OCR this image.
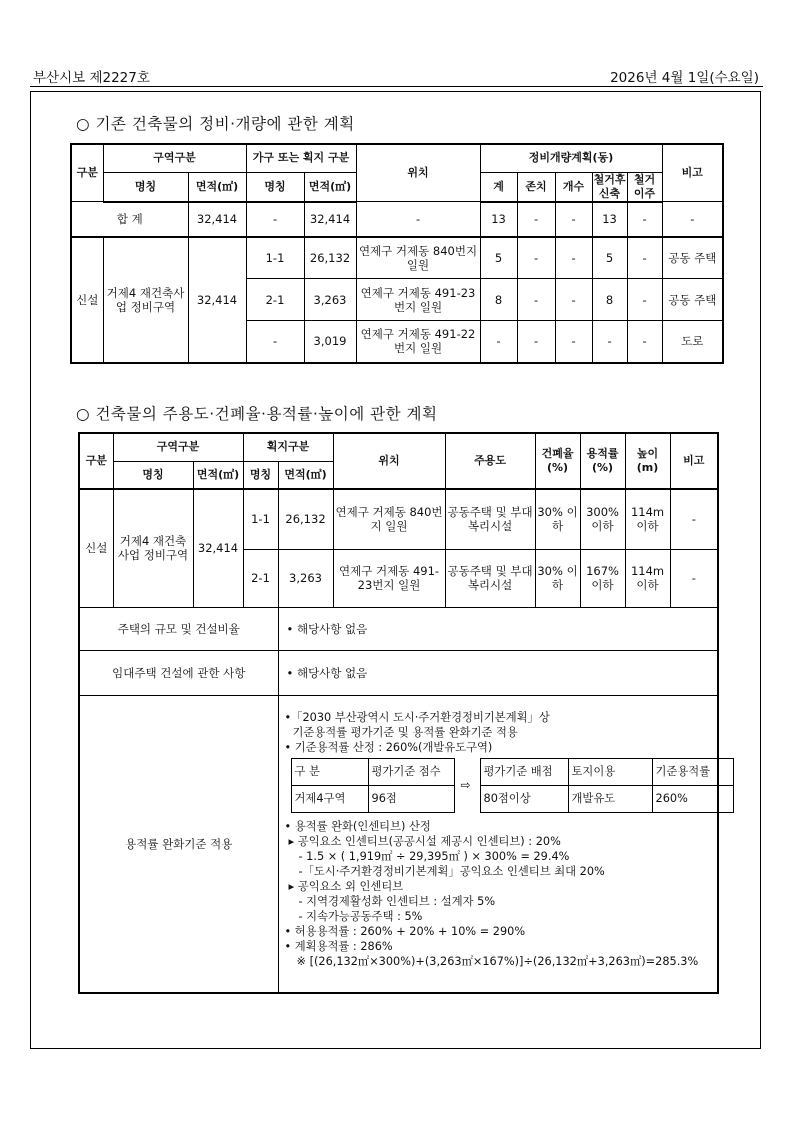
부산시보 제2227호	2026년 4월 1일(수요일)
○ 기존 건축물의 정비·개량에 관한 계획
구분	구역구분		가구 또는 획지 구분		위치	정비개량계획(동)					비고
	명칭	면적(㎡)	명칭	면적(㎡)		계	존치	개수	철거후 신축	철거 이주	
합 계		32,414	-	32,414	-	13	-	-	13	-	-
신설	거제4 재건축사업 정비구역	32,414	1-1	26,132	연제구 거제동 840번지 일원	5	-	-	5	-	공동 주택
			2-1	3,263	연제구 거제동 491-23번지 일원	8	-	-	8	-	공동 주택
			-	3,019	연제구 거제동 491-22번지 일원	-	-	-	-	-	도로
○ 건축물의 주용도·건폐율·용적률·높이에 관한 계획
구분	구역구분	획지구분	위치	주용도	건폐율 (%)	용적률 (%)	높이 (m)	비고
명칭	면적(㎡)	명칭	면적(㎡)
신설	거제4 재건축사업 정비구역	32,414	1-1	26,132	연제구 거제동 840번지 일원	공동주택 및 부대복리시설	30% 이하	300% 이하	114m 이하	-
2-1	3,263	연제구 거제동 491-23번지 일원	공동주택 및 부대복리시설	30% 이하	167% 이하	114m 이하	-
주택의 규모 및 건설비율	• 해당사항 없음
임대주택 건설에 관한 사항	• 해당사항 없음
용적률 완화기준 적용	
•「2030 부산광역시 도시·주거환경정비기본계획」상
기준용적률 평가기준 및 용적률 완화기준 적용
• 기준용적률 산정 : 260%(개발유도구역)
구 분	평가기준 점수
거제4구역	96점
⇨
평가기준 배점	토지이용	기준용적률
80점이상	개발유도	260%
• 용적률 완화(인센티브) 산정
▸ 공익요소 인센티브(공공시설 제공시 인센티브) : 20%
- 1.5 × ( 1,919㎡ ÷ 29,395㎡ ) × 300% = 29.4%
-「도시·주거환경정비기본계획」공익요소 인센티브 최대 20%
▸ 공익요소 외 인센티브
- 지역경제활성화 인센티브 : 설계자 5%
- 지속가능공동주택 : 5%
• 허용용적률 : 260% + 20% + 10% = 290%
• 계획용적률 : 286%
※ [(26,132㎡×300%)+(3,263㎡×167%)]÷(26,132㎡+3,263㎡)=285.3%
